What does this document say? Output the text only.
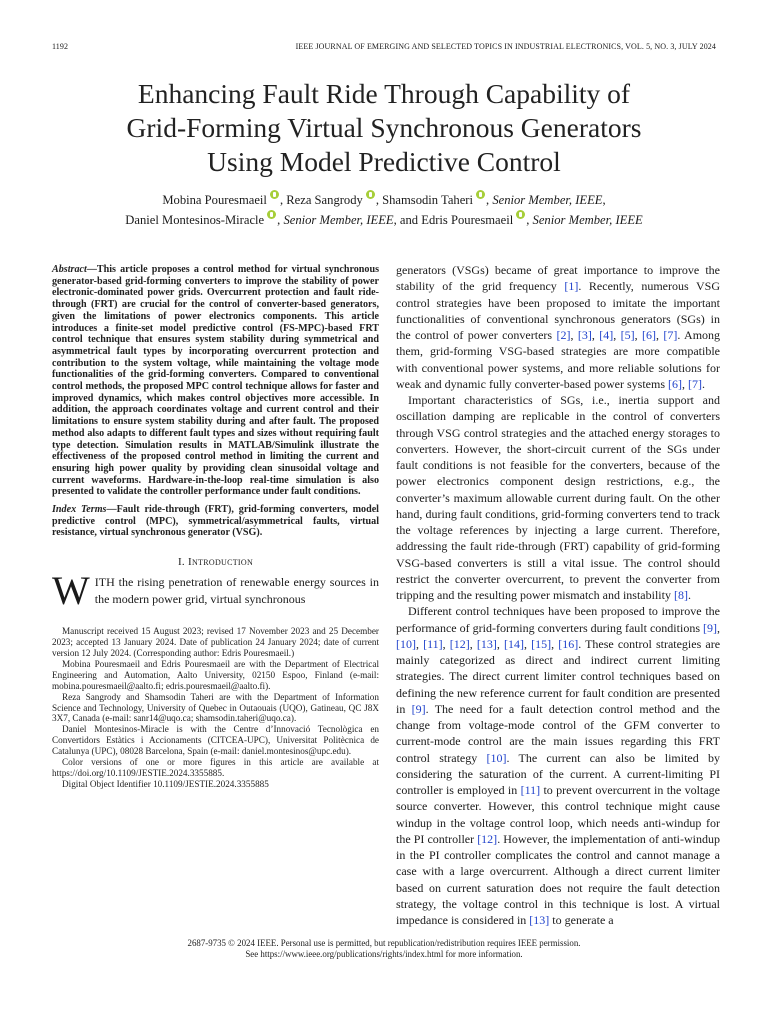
1192	IEEE JOURNAL OF EMERGING AND SELECTED TOPICS IN INDUSTRIAL ELECTRONICS, VOL. 5, NO. 3, JULY 2024
Enhancing Fault Ride Through Capability of
Grid-Forming Virtual Synchronous Generators
Using Model Predictive Control
Mobina Pouresmaeil , Reza Sangrody , Shamsodin Taheri , Senior Member, IEEE,
Daniel Montesinos-Miracle , Senior Member, IEEE, and Edris Pouresmaeil , Senior Member, IEEE
Abstract—This article proposes a control method for virtual synchronous generator-based grid-forming converters to improve the stability of power electronic-dominated power grids. Overcurrent protection and fault ride-through (FRT) are crucial for the control of converter-based generators, given the limitations of power electronics components. This article introduces a finite-set model predictive control (FS-MPC)-based FRT control technique that ensures system stability during symmetrical and asymmetrical fault types by incorporating overcurrent protection and contribution to the system voltage, while maintaining the voltage mode functionalities of the grid-forming converters. Compared to conventional control methods, the proposed MPC control technique allows for faster and improved dynamics, which makes control objectives more accessible. In addition, the approach coordinates voltage and current control and their limitations to ensure system stability during and after fault. The proposed method also adapts to different fault types and sizes without requiring fault type detection. Simulation results in MATLAB/Simulink illustrate the effectiveness of the proposed control method in limiting the current and ensuring high power quality by providing clean sinusoidal voltage and current waveforms. Hardware-in-the-loop real-time simulation is also presented to validate the controller performance under fault conditions.
Index Terms—Fault ride-through (FRT), grid-forming converters, model predictive control (MPC), symmetrical/asymmetrical faults, virtual resistance, virtual synchronous generator (VSG).
I. Introduction
WITH the rising penetration of renewable energy sources in the modern power grid, virtual synchronous

Manuscript received 15 August 2023; revised 17 November 2023 and 25 December 2023; accepted 13 January 2024. Date of publication 24 January 2024; date of current version 12 July 2024. (Corresponding author: Edris Pouresmaeil.)

Mobina Pouresmaeil and Edris Pouresmaeil are with the Department of Electrical Engineering and Automation, Aalto University, 02150 Espoo, Finland (e-mail: mobina.pouresmaeil@aalto.fi; edris.pouresmaeil@aalto.fi).

Reza Sangrody and Shamsodin Taheri are with the Department of Information Science and Technology, University of Quebec in Outaouais (UQO), Gatineau, QC J8X 3X7, Canada (e-mail: sanr14@uqo.ca; shamsodin.taheri@uqo.ca).

Daniel Montesinos-Miracle is with the Centre d’Innovació Tecnològica en Convertidors Estàtics i Accionaments (CITCEA-UPC), Universitat Politècnica de Catalunya (UPC), 08028 Barcelona, Spain (e-mail: daniel.montesinos@upc.edu).

Color versions of one or more figures in this article are available at https://doi.org/10.1109/JESTIE.2024.3355885.

Digital Object Identifier 10.1109/JESTIE.2024.3355885

generators (VSGs) became of great importance to improve the stability of the grid frequency [1]. Recently, numerous VSG control strategies have been proposed to imitate the important functionalities of conventional synchronous generators (SGs) in the control of power converters [2], [3], [4], [5], [6], [7]. Among them, grid-forming VSG-based strategies are more compatible with conventional power systems, and more reliable solutions for weak and dynamic fully converter-based power systems [6], [7].

Important characteristics of SGs, i.e., inertia support and oscillation damping are replicable in the control of converters through VSG control strategies and the attached energy storages to converters. However, the short-circuit current of the SGs under fault conditions is not feasible for the converters, because of the power electronics component design restrictions, e.g., the converter’s maximum allowable current during fault. On the other hand, during fault conditions, grid-forming converters tend to track the voltage references by injecting a large current. Therefore, addressing the fault ride-through (FRT) capability of grid-forming VSG-based converters is still a vital issue. The control should restrict the converter overcurrent, to prevent the converter from tripping and the resulting power mismatch and instability [8].

Different control techniques have been proposed to improve the performance of grid-forming converters during fault conditions [9], [10], [11], [12], [13], [14], [15], [16]. These control strategies are mainly categorized as direct and indirect current limiting strategies. The direct current limiter control techniques based on defining the new reference current for fault condition are presented in [9]. The need for a fault detection control method and the change from voltage-mode control of the GFM converter to current-mode control are the main issues regarding this FRT control strategy [10]. The current can also be limited by considering the saturation of the current. A current-limiting PI controller is employed in [11] to prevent overcurrent in the voltage source converter. However, this control technique might cause windup in the voltage control loop, which needs anti-windup for the PI controller [12]. However, the implementation of anti-windup in the PI controller complicates the control and cannot manage a case with a large overcurrent. Although a direct current limiter based on current saturation does not require the fault detection strategy, the voltage control in this technique is lost. A virtual impedance is considered in [13] to generate a

2687-9735 © 2024 IEEE. Personal use is permitted, but republication/redistribution requires IEEE permission.
See https://www.ieee.org/publications/rights/index.html for more information.
